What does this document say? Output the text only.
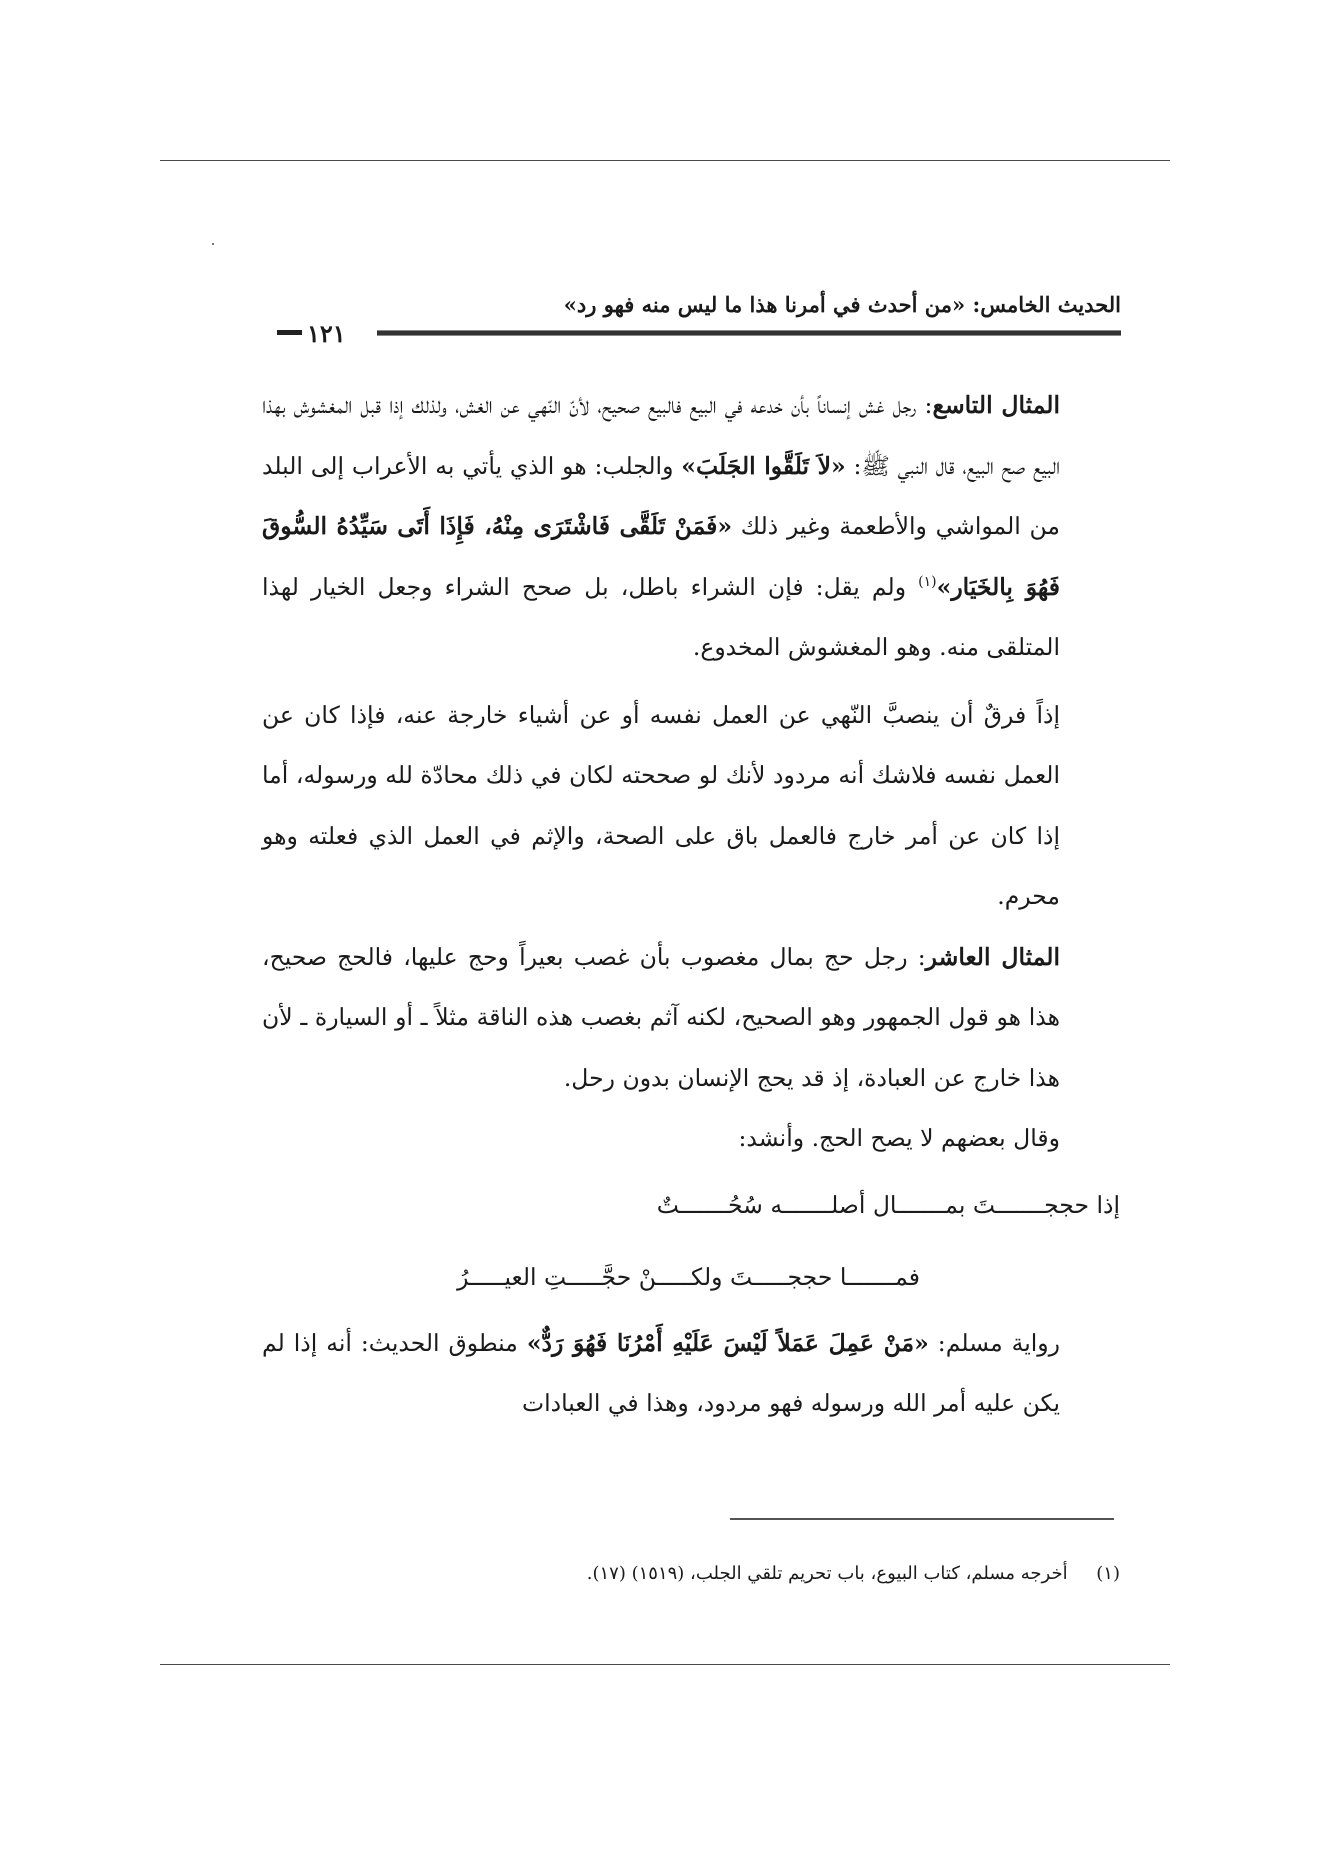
الحديث الخامس: «من أحدث في أمرنا هذا ما ليس منه فهو رد»
١٢١

المثال التاسع: رجل غش إنساناً بأن خدعه في البيع فالبيع صحيح، لأنّ النّهي عن الغش، ولذلك إذا قبل المغشوش بهذا البيع صح البيع، قال النبي ﷺ: «لاَ تَلَقَّوا الجَلَبَ» والجلب: هو الذي يأتي به الأعراب إلى البلد من المواشي والأطعمة وغير ذلك «فَمَنْ تَلَقَّى فَاشْتَرَى مِنْهُ، فَإِذَا أَتَى سَيِّدُهُ السُّوقَ فَهُوَ بِالخَيَار»$^{(١)}$ ولم يقل: فإن الشراء باطل، بل صحح الشراء وجعل الخيار لهذا المتلقى منه. وهو المغشوش المخدوع.

إذاً فرقٌ أن ينصبَّ النّهي عن العمل نفسه أو عن أشياء خارجة عنه، فإذا كان عن العمل نفسه فلاشك أنه مردود لأنك لو صححته لكان في ذلك محادّة لله ورسوله، أما إذا كان عن أمر خارج فالعمل باق على الصحة، والإثم في العمل الذي فعلته وهو محرم.

المثال العاشر: رجل حج بمال مغصوب بأن غصب بعيراً وحج عليها، فالحج صحيح، هذا هو قول الجمهور وهو الصحيح، لكنه آثم بغصب هذه الناقة مثلاً ـ أو السيارة ـ لأن هذا خارج عن العبادة، إذ قد يحج الإنسان بدون رحل.

وقال بعضهم لا يصح الحج. وأنشد:

إذا حججـــــــتَ بمـــــــال أصلـــــــه سُحُـــــــتٌ

فمـــــــا حججـــــتَ ولكـــــنْ حجَّـــــتِ العيـــــرُ

رواية مسلم: «مَنْ عَمِلَ عَمَلاً لَيْسَ عَلَيْهِ أَمْرُنَا فَهُوَ رَدٌّ» منطوق الحديث: أنه إذا لم يكن عليه أمر الله ورسوله فهو مردود، وهذا في العبادات

(١)     أخرجه مسلم، كتاب البيوع، باب تحريم تلقي الجلب، (١٥١٩) (١٧).
